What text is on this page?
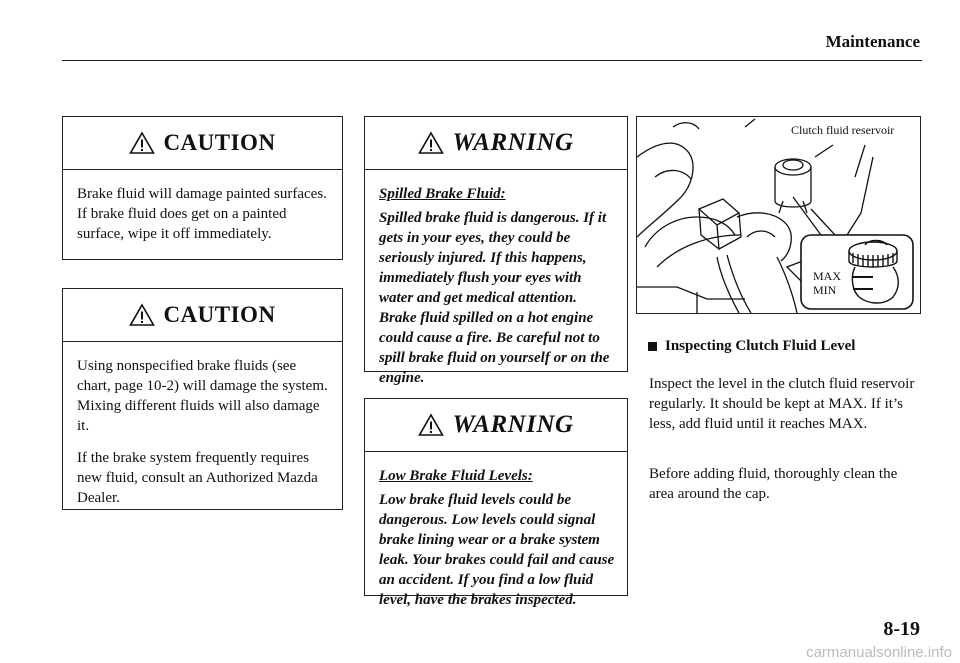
Maintenance
CAUTION

Brake fluid will damage painted surfaces. If brake fluid does get on a painted surface, wipe it off immediately.

CAUTION

Using nonspecified brake fluids (see chart, page 10-2) will damage the system. Mixing different fluids will also damage it.

If the brake system frequently requires new fluid, consult an Authorized Mazda Dealer.

WARNING

Spilled Brake Fluid:

Spilled brake fluid is dangerous. If it gets in your eyes, they could be seriously injured. If this happens, immediately flush your eyes with water and get medical attention. Brake fluid spilled on a hot engine could cause a fire. Be careful not to spill brake fluid on yourself or on the engine.

WARNING

Low Brake Fluid Levels:

Low brake fluid levels could be dangerous. Low levels could signal brake lining wear or a brake system leak. Your brakes could fail and cause an accident. If you find a low fluid level, have the brakes inspected.

Clutch fluid reservoir
MAX
MIN
Inspecting Clutch Fluid Level
Inspect the level in the clutch fluid reservoir regularly. It should be kept at MAX. If it’s less, add fluid until it reaches MAX.
Before adding fluid, thoroughly clean the area around the cap.
8-19
carmanualsonline.info
